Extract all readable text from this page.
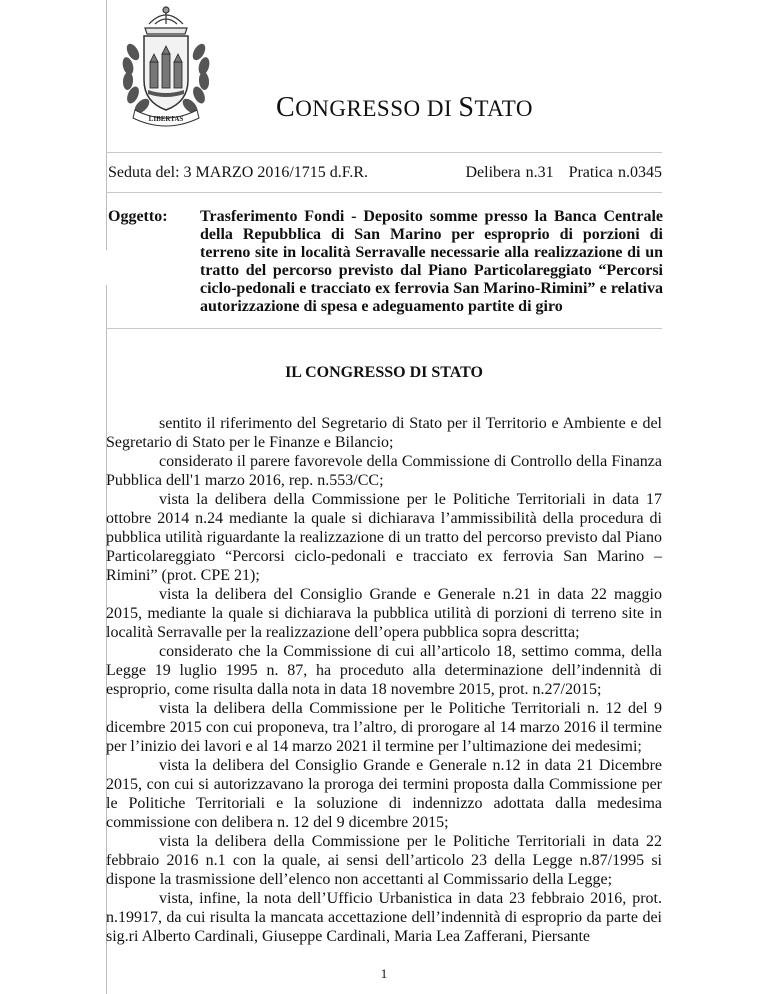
LIBERTAS	CONGRESSO DI STATO
Seduta del: 3 MARZO 2016/1715 d.F.R.	Delibera n.31 Pratica n.0345
Oggetto: Trasferimento Fondi - Deposito somme presso la Banca Centrale della Repubblica di San Marino per esproprio di porzioni di terreno site in località Serravalle necessarie alla realizzazione di un tratto del percorso previsto dal Piano Particolareggiato “Percorsi ciclo-pedonali e tracciato ex ferrovia San Marino-Rimini” e relativa autorizzazione di spesa e adeguamento partite di giro
IL CONGRESSO DI STATO

sentito il riferimento del Segretario di Stato per il Territorio e Ambiente e del Segretario di Stato per le Finanze e Bilancio;

considerato il parere favorevole della Commissione di Controllo della Finanza Pubblica dell'1 marzo 2016, rep. n.553/CC;

vista la delibera della Commissione per le Politiche Territoriali in data 17 ottobre 2014 n.24 mediante la quale si dichiarava l’ammissibilità della procedura di pubblica utilità riguardante la realizzazione di un tratto del percorso previsto dal Piano Particolareggiato “Percorsi ciclo-pedonali e tracciato ex ferrovia San Marino – Rimini” (prot. CPE 21);

vista la delibera del Consiglio Grande e Generale n.21 in data 22 maggio 2015, mediante la quale si dichiarava la pubblica utilità di porzioni di terreno site in località Serravalle per la realizzazione dell’opera pubblica sopra descritta;

considerato che la Commissione di cui all’articolo 18, settimo comma, della Legge 19 luglio 1995 n. 87, ha proceduto alla determinazione dell’indennità di esproprio, come risulta dalla nota in data 18 novembre 2015, prot. n.27/2015;

vista la delibera della Commissione per le Politiche Territoriali n. 12 del 9 dicembre 2015 con cui proponeva, tra l’altro, di prorogare al 14 marzo 2016 il termine per l’inizio dei lavori e al 14 marzo 2021 il termine per l’ultimazione dei medesimi;

vista la delibera del Consiglio Grande e Generale n.12 in data 21 Dicembre 2015, con cui si autorizzavano la proroga dei termini proposta dalla Commissione per le Politiche Territoriali e la soluzione di indennizzo adottata dalla medesima commissione con delibera n. 12 del 9 dicembre 2015;

vista la delibera della Commissione per le Politiche Territoriali in data 22 febbraio 2016 n.1 con la quale, ai sensi dell’articolo 23 della Legge n.87/1995 si dispone la trasmissione dell’elenco non accettanti al Commissario della Legge;

vista, infine, la nota dell’Ufficio Urbanistica in data 23 febbraio 2016, prot. n.19917, da cui risulta la mancata accettazione dell’indennità di esproprio da parte dei sig.ri Alberto Cardinali, Giuseppe Cardinali, Maria Lea Zafferani, Piersante

1
